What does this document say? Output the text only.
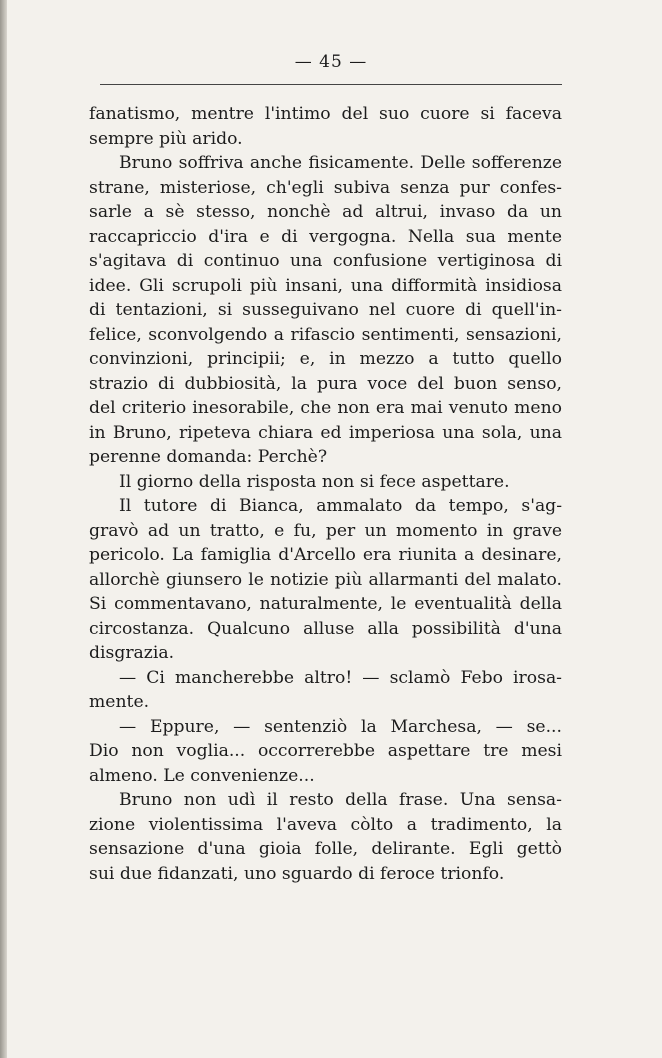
— 45 —
fanatismo, mentre l'intimo del suo cuore si faceva
sempre più arido.
Bruno soffriva anche fisicamente. Delle sofferenze
strane, misteriose, ch'egli subiva senza pur confes-
sarle a sè stesso, nonchè ad altrui, invaso da un
raccapriccio d'ira e di vergogna. Nella sua mente
s'agitava di continuo una confusione vertiginosa di
idee. Gli scrupoli più insani, una difformità insidiosa
di tentazioni, si susseguivano nel cuore di quell'in-
felice, sconvolgendo a rifascio sentimenti, sensazioni,
convinzioni, principii; e, in mezzo a tutto quello
strazio di dubbiosità, la pura voce del buon senso,
del criterio inesorabile, che non era mai venuto meno
in Bruno, ripeteva chiara ed imperiosa una sola, una
perenne domanda: Perchè?
Il giorno della risposta non si fece aspettare.
Il tutore di Bianca, ammalato da tempo, s'ag-
gravò ad un tratto, e fu, per un momento in grave
pericolo. La famiglia d'Arcello era riunita a desinare,
allorchè giunsero le notizie più allarmanti del malato.
Si commentavano, naturalmente, le eventualità della
circostanza. Qualcuno alluse alla possibilità d'una
disgrazia.
— Ci mancherebbe altro! — sclamò Febo irosa-
mente.
— Eppure, — sentenziò la Marchesa, — se...
Dio non voglia... occorrerebbe aspettare tre mesi
almeno. Le convenienze...
Bruno non udì il resto della frase. Una sensa-
zione violentissima l'aveva còlto a tradimento, la
sensazione d'una gioia folle, delirante. Egli gettò
sui due fidanzati, uno sguardo di feroce trionfo.
